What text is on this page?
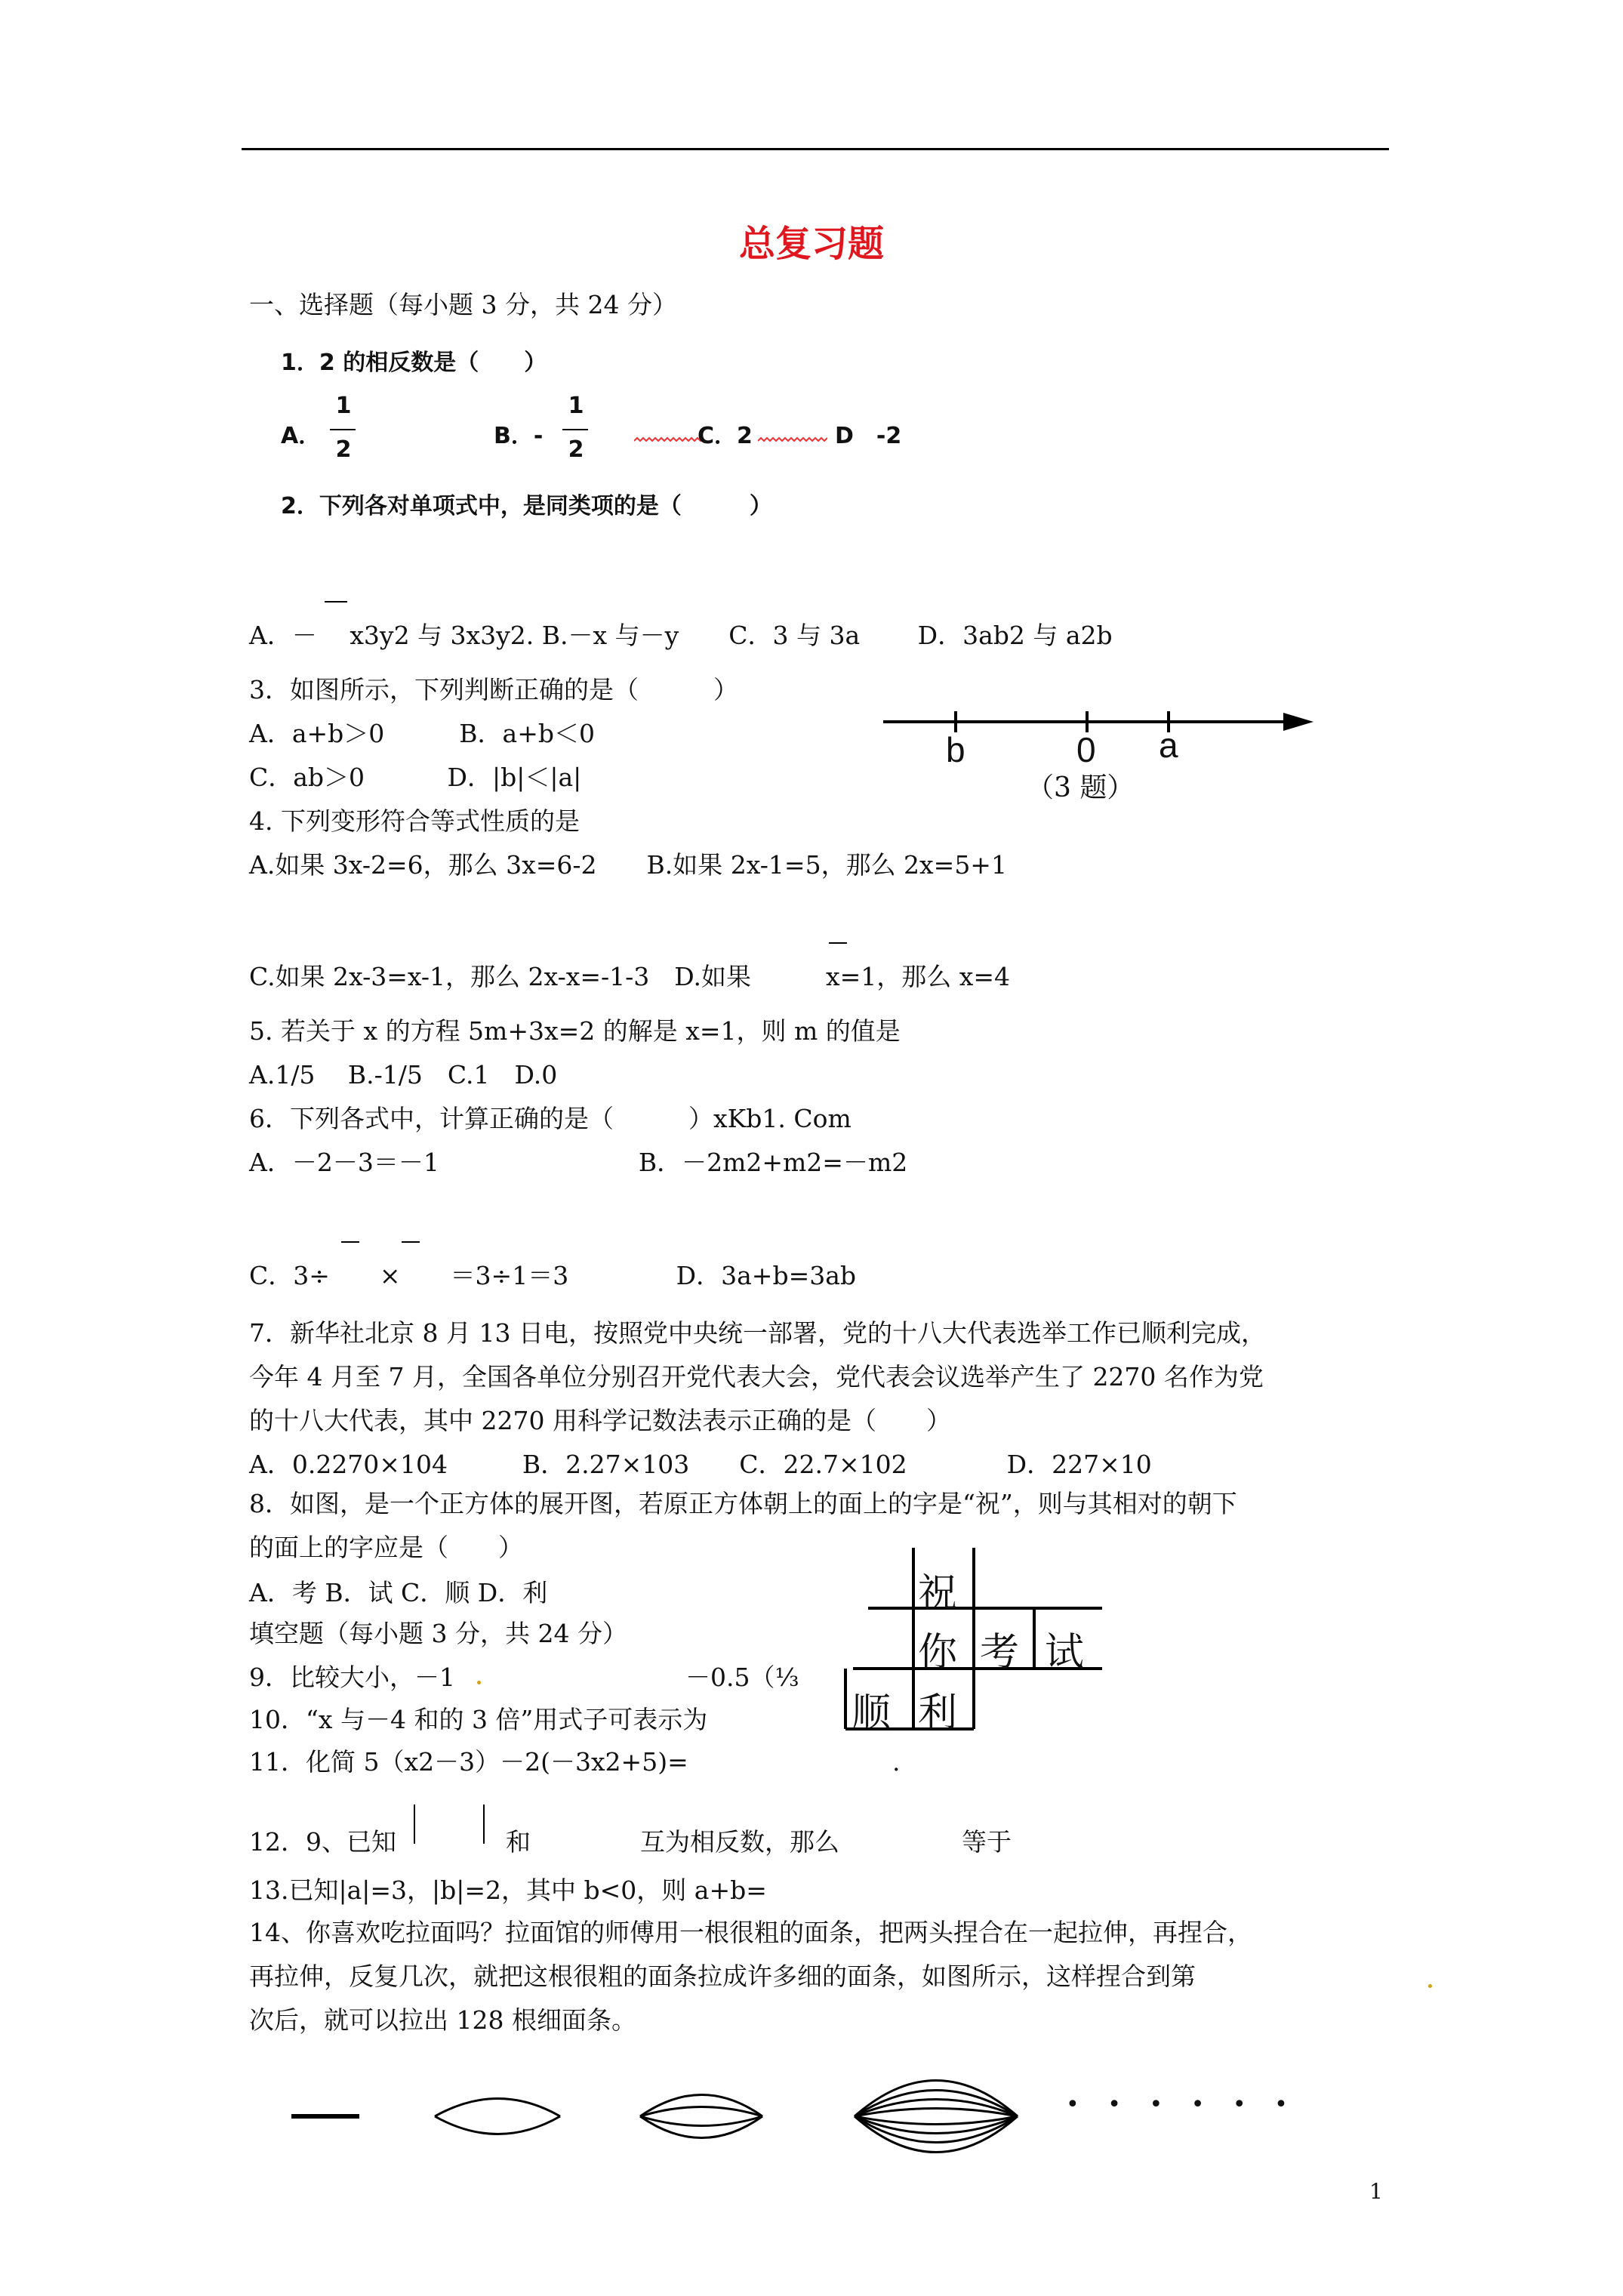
总复习题
一、选择题（每小题 3 分，共 24 分）
1．2 的相反数是（　　）
A．
1
2
B．-
1
2
C．2	D　-2
2．下列各对单项式中，是同类项的是（　　　）
A．－　 x3y2 与 3x3y2. B.－x 与－y　　C．3 与 3a　　 D．3ab2 与 a2b
3．如图所示，下列判断正确的是（　　　）
A．a+b＞0　　　B．a+b＜0
C．ab＞0　　　 D．|b|＜|a|
b	0 a
（3 题）
4. 下列变形符合等式性质的是
A.如果 3x-2=6，那么 3x=6-2　　B.如果 2x-1=5，那么 2x=5+1
C.如果 2x-3=x-1，那么 2x-x=-1-3　D.如果　　　x=1，那么 x=4
5. 若关于 x 的方程 5m+3x=2 的解是 x=1，则 m 的值是
A.1/5　 B.-1/5　C.1　D.0
6．下列各式中，计算正确的是（　　　）xKb1. Com
A．－2－3＝－1　　　　　　　　B．－2m2+m2=－m2
C．3÷　　×　　＝3÷1＝3　　　　 D．3a+b=3ab
7．新华社北京 8 月 13 日电，按照党中央统一部署，党的十八大代表选举工作已顺利完成，
今年 4 月至 7 月，全国各单位分别召开党代表大会，党代表会议选举产生了 2270 名作为党
的十八大代表，其中 2270 用科学记数法表示正确的是（　　）
A．0.2270×104　　　B．2.27×103　　C．22.7×102　　　　D．227×10
8．如图，是一个正方体的展开图，若原正方体朝上的面上的字是“祝”，则与其相对的朝下
的面上的字应是（　　）
A．考 B．试 C．顺 D．利	祝
你 考 试
顺 利
填空题（每小题 3 分，共 24 分）
9．比较大小，－1	－0.5（⅓
10．“x 与－4 和的 3 倍”用式子可表示为
11．化简 5（x2－3）－2(－3x2+5)=	.
12．9、已知	和	互为相反数，那么	等于
13.已知|a|=3，|b|=2，其中 b<0，则 a+b=
14、你喜欢吃拉面吗？拉面馆的师傅用一根很粗的面条，把两头捏合在一起拉伸，再捏合，
再拉伸，反复几次，就把这根很粗的面条拉成许多细的面条，如图所示，这样捏合到第
次后，就可以拉出 128 根细面条。
• • • • • •
1
